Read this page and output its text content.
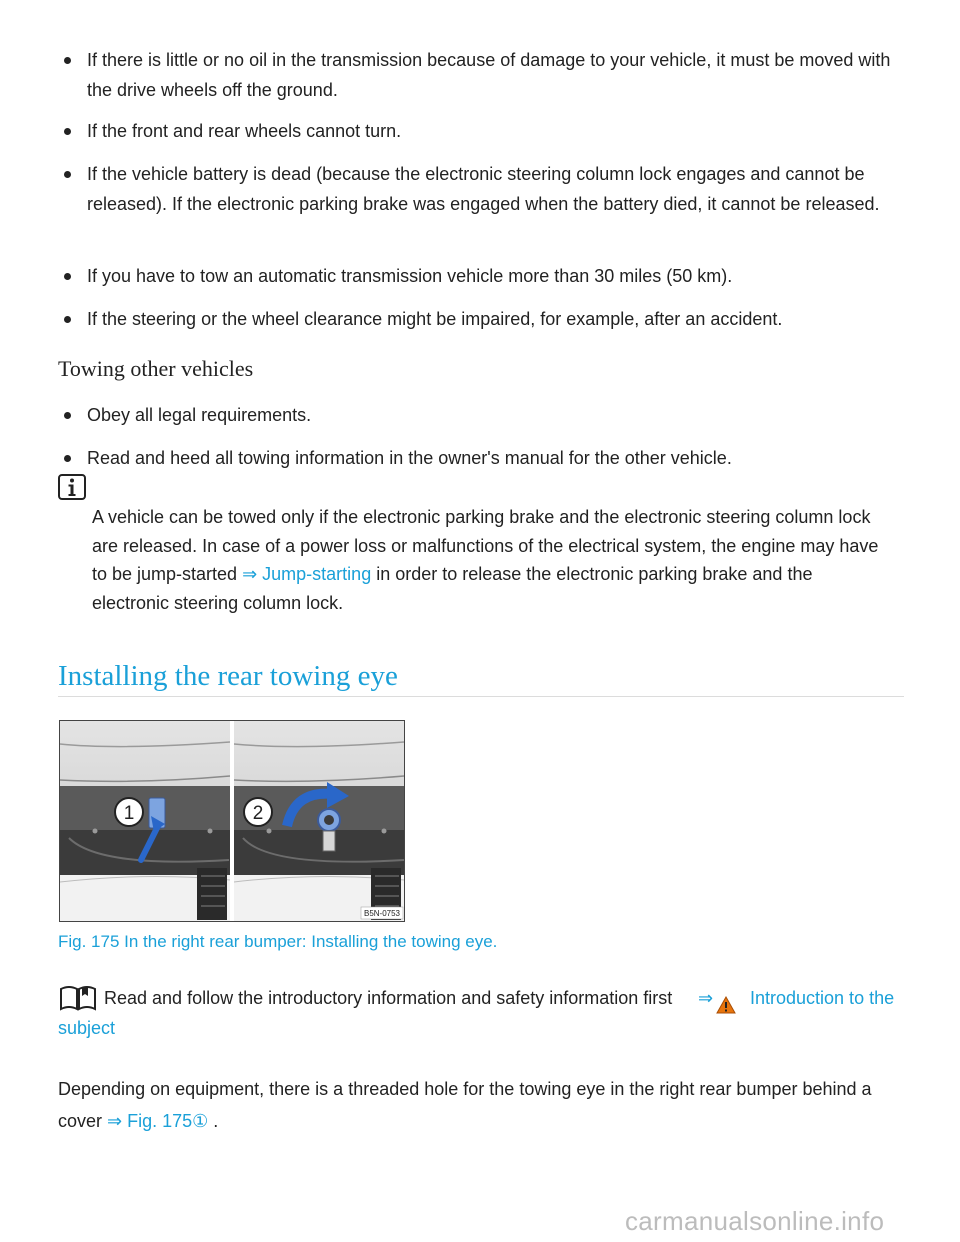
If there is little or no oil in the transmission because of damage to your vehicle, it must be moved with the drive wheels off the ground.
If the front and rear wheels cannot turn.
If the vehicle battery is dead (because the electronic steering column lock engages and cannot be released). If the electronic parking brake was engaged when the battery died, it cannot be released.
If you have to tow an automatic transmission vehicle more than 30 miles (50 km).
If the steering or the wheel clearance might be impaired, for example, after an accident.
Towing other vehicles
Obey all legal requirements.
Read and heed all towing information in the owner's manual for the other vehicle.

A vehicle can be towed only if the electronic parking brake and the electronic steering column lock are released. In case of a power loss or malfunctions of the electrical system, the engine may have to be jump-started ⇒ Jump-starting in order to release the electronic parking brake and the electronic steering column lock.

Installing the rear towing eye
1	2
B5N-0753

Fig. 175 In the right rear bumper: Installing the towing eye.

Read and follow the introductory information and safety information first ⇒ Introduction to the
subject

Depending on equipment, there is a threaded hole for the towing eye in the right rear bumper behind a cover ⇒ Fig. 175① .

carmanualsonline.info
